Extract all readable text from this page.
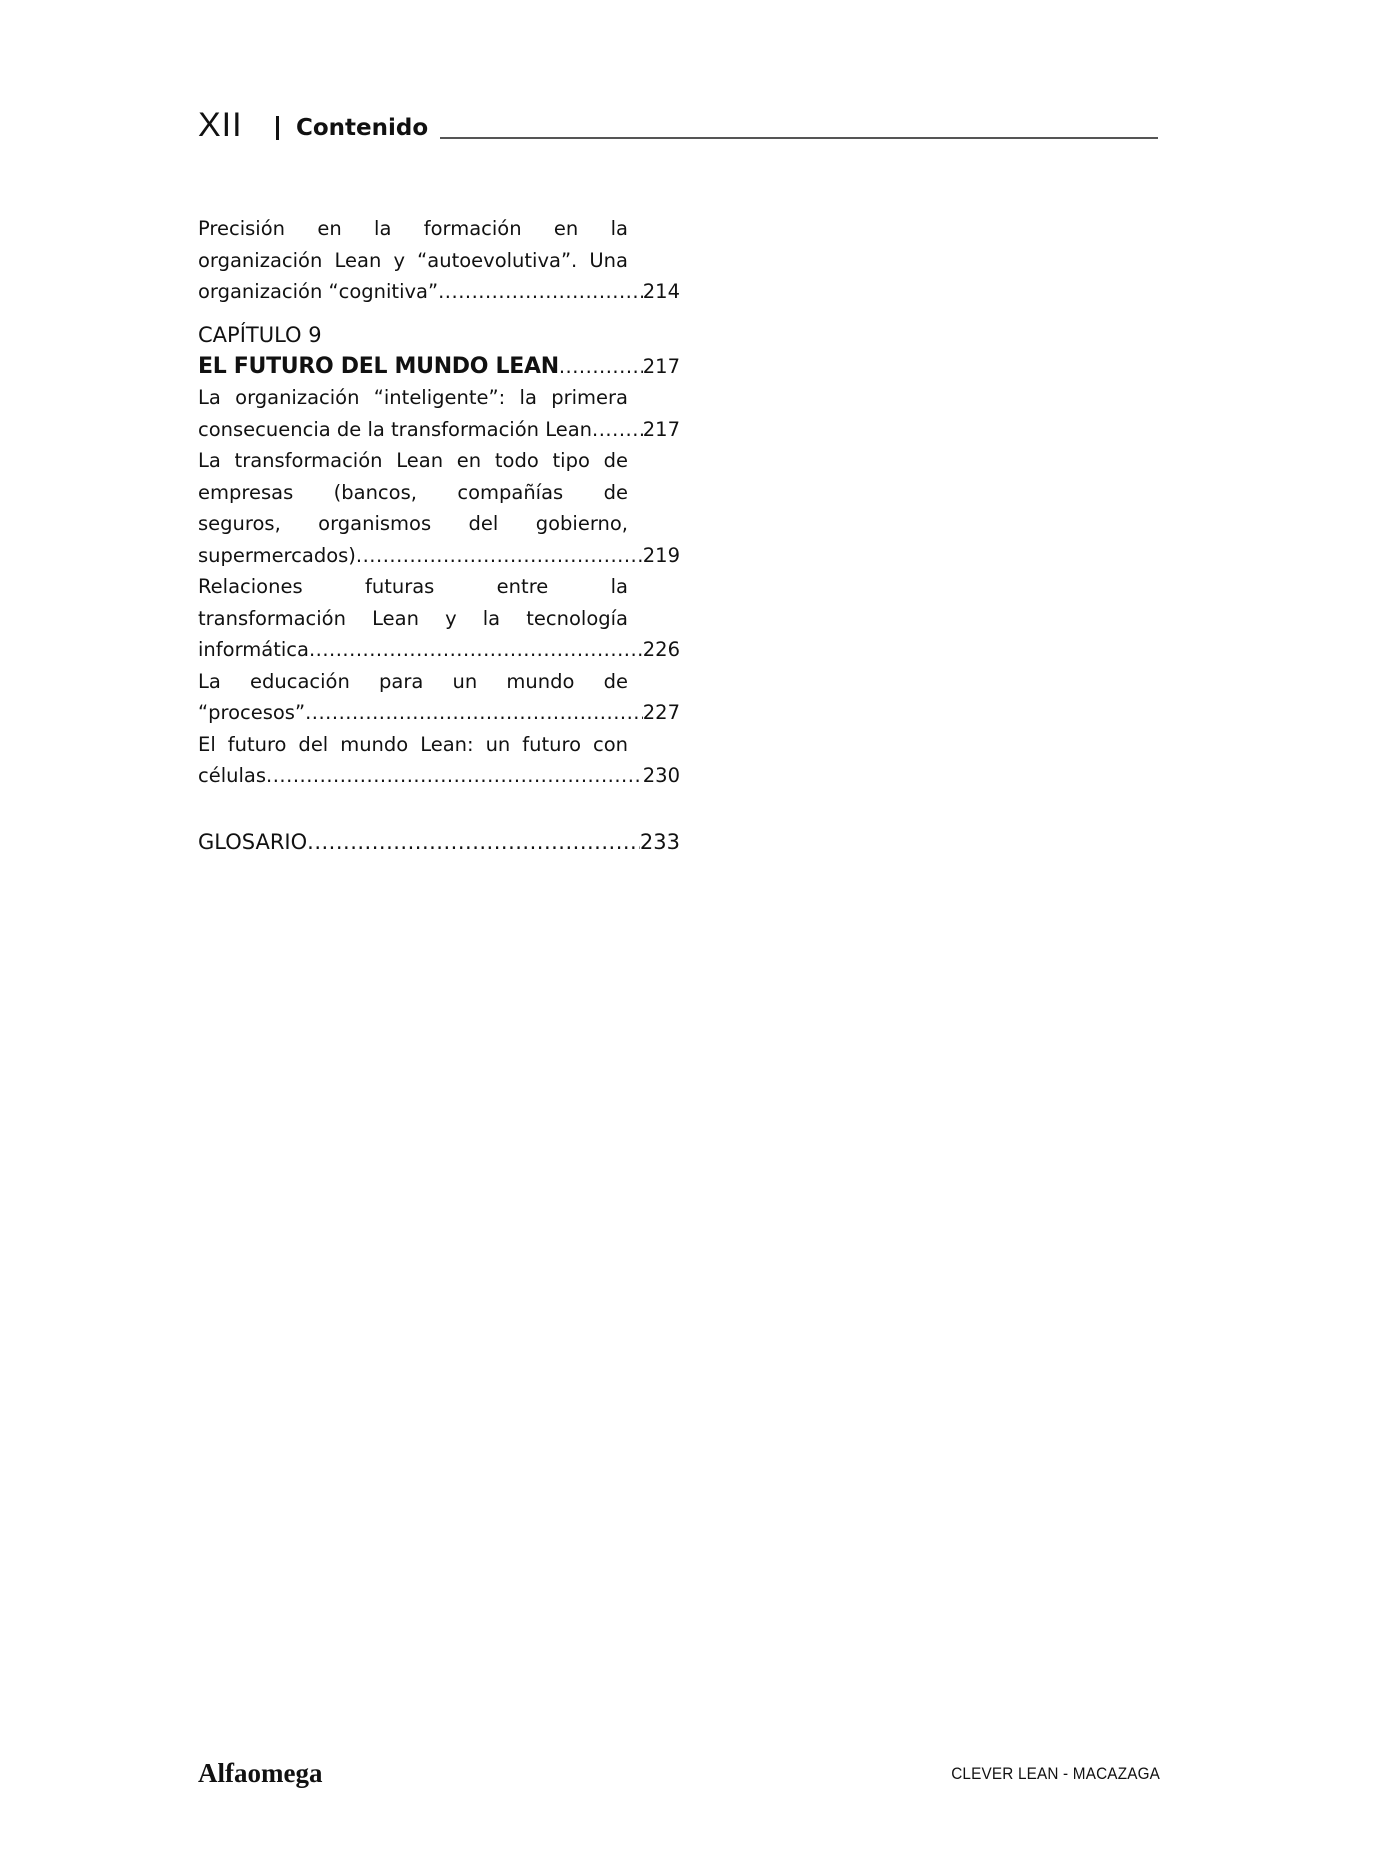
XII Contenido
Precisión en la formación en la
organización Lean y “autoevolutiva”. Una
organización “cognitiva” .....	214
CAPÍTULO 9
EL FUTURO DEL MUNDO LEAN .....	217
La organización “inteligente”: la primera
consecuencia de la transformación Lean .....	217
La transformación Lean en todo tipo de
empresas (bancos, compañías de
seguros, organismos del gobierno,
supermercados) .....	219
Relaciones futuras entre la
transformación Lean y la tecnología
informática .....	226
La educación para un mundo de
“procesos” .....	227
El futuro del mundo Lean: un futuro con
células .....	230
GLOSARIO .....	233
Alfaomega	CLEVER LEAN - MACAZAGA
